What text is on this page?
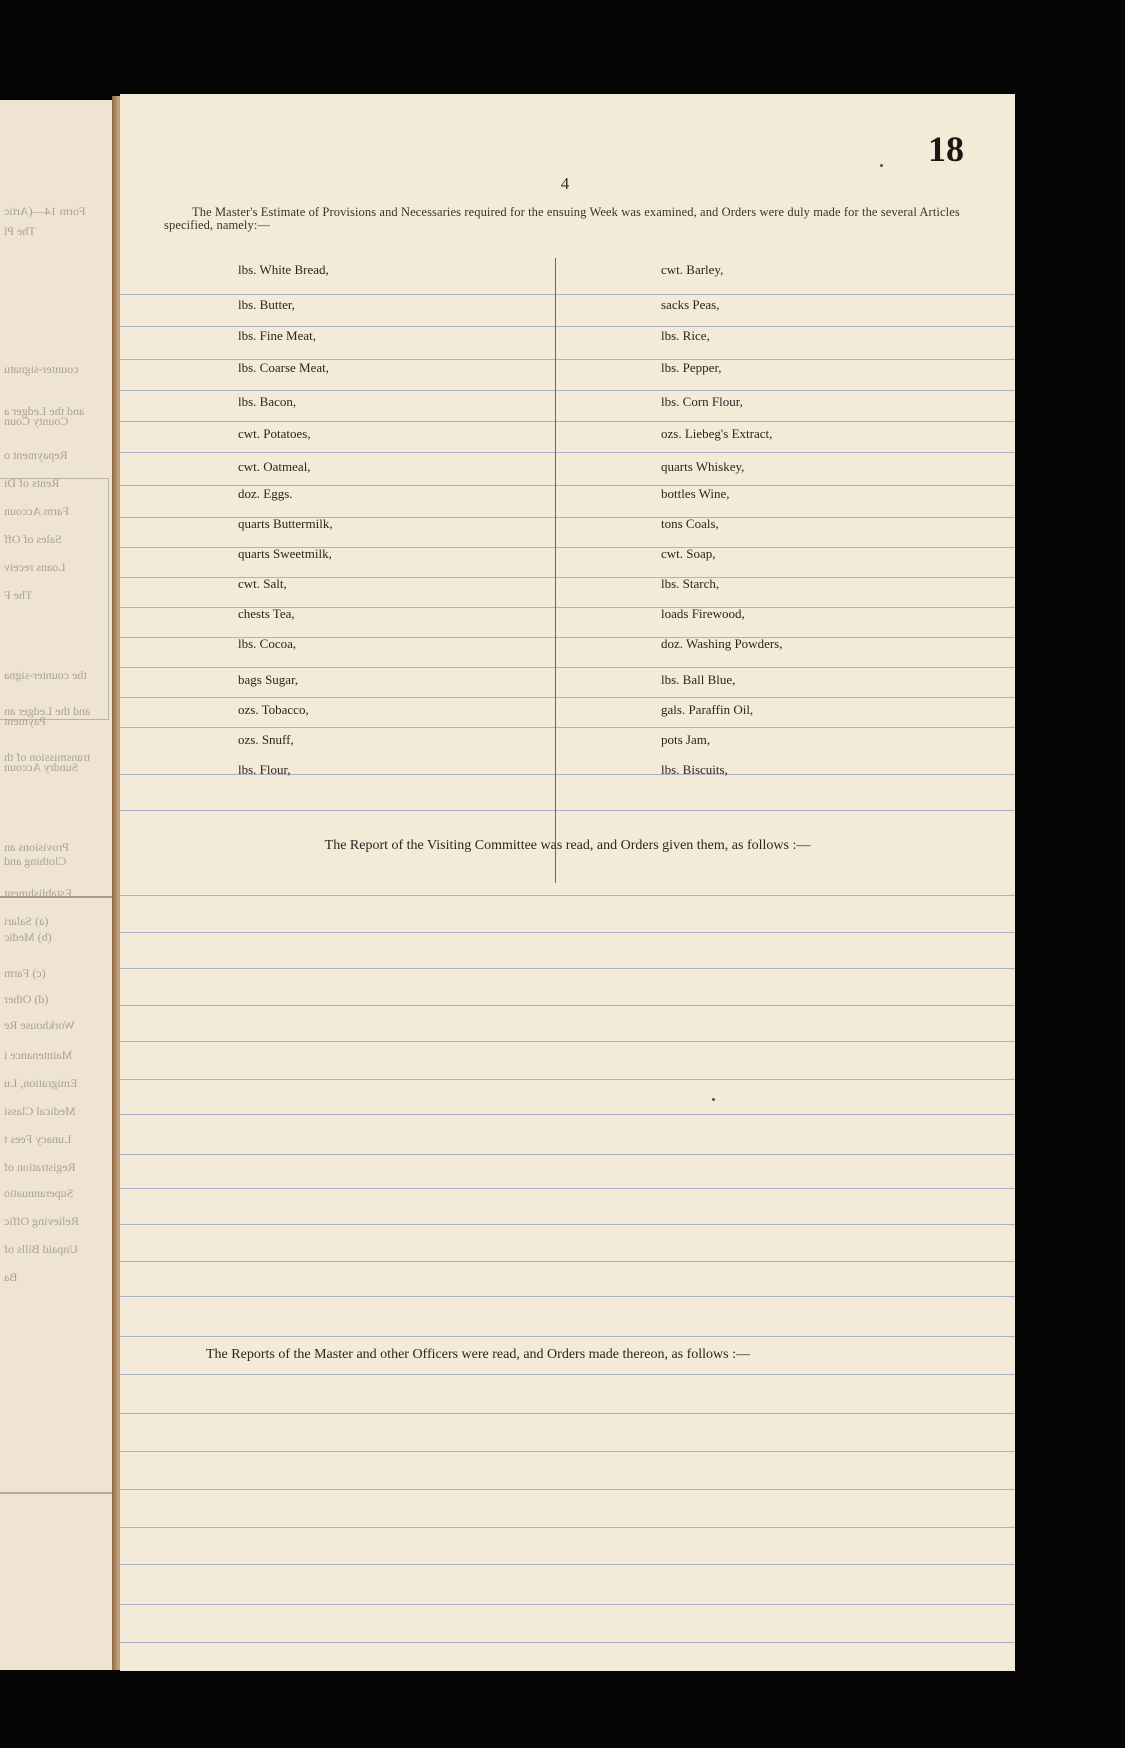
Form 14—(Artic
The Pl
counter-signatu
and the Ledger a
County Coun
Repayment o
Rents of Di
Farm Accoun
Sales of Off
Loans receiv
The F
the counter-signa
and the Ledger an
Payment
transmission of th
Sundry Accoun
Provisions an
Clothing and
Establishment
(a) Salari
(b) Medic
(c) Farm
(d) Other
Workhouse Re
Maintenance i
Emigration, Lu
Medical Classi
Lunacy Fees t
Registration of
Superannuatio
Relieving Offic
Unpaid Bills of
Ba
18
4
The Master's Estimate of Provisions and Necessaries required for the ensuing Week was examined, and Orders were duly made for the several Articles specified, namely:—
lbs. White Bread,
lbs. Butter,
lbs. Fine Meat,
lbs. Coarse Meat,
lbs. Bacon,
cwt. Potatoes,
cwt. Oatmeal,
doz. Eggs.
quarts Buttermilk,
quarts Sweetmilk,
cwt. Salt,
chests Tea,
lbs. Cocoa,
bags Sugar,
ozs. Tobacco,
ozs. Snuff,
lbs. Flour,
cwt. Barley,
sacks Peas,
lbs. Rice,
lbs. Pepper,
lbs. Corn Flour,
ozs. Liebeg's Extract,
quarts Whiskey,
bottles Wine,
tons Coals,
cwt. Soap,
lbs. Starch,
loads Firewood,
doz. Washing Powders,
lbs. Ball Blue,
gals. Paraffin Oil,
pots Jam,
lbs. Biscuits,
The Report of the Visiting Committee was read, and Orders given them, as follows :—
The Reports of the Master and other Officers were read, and Orders made thereon, as follows :—
